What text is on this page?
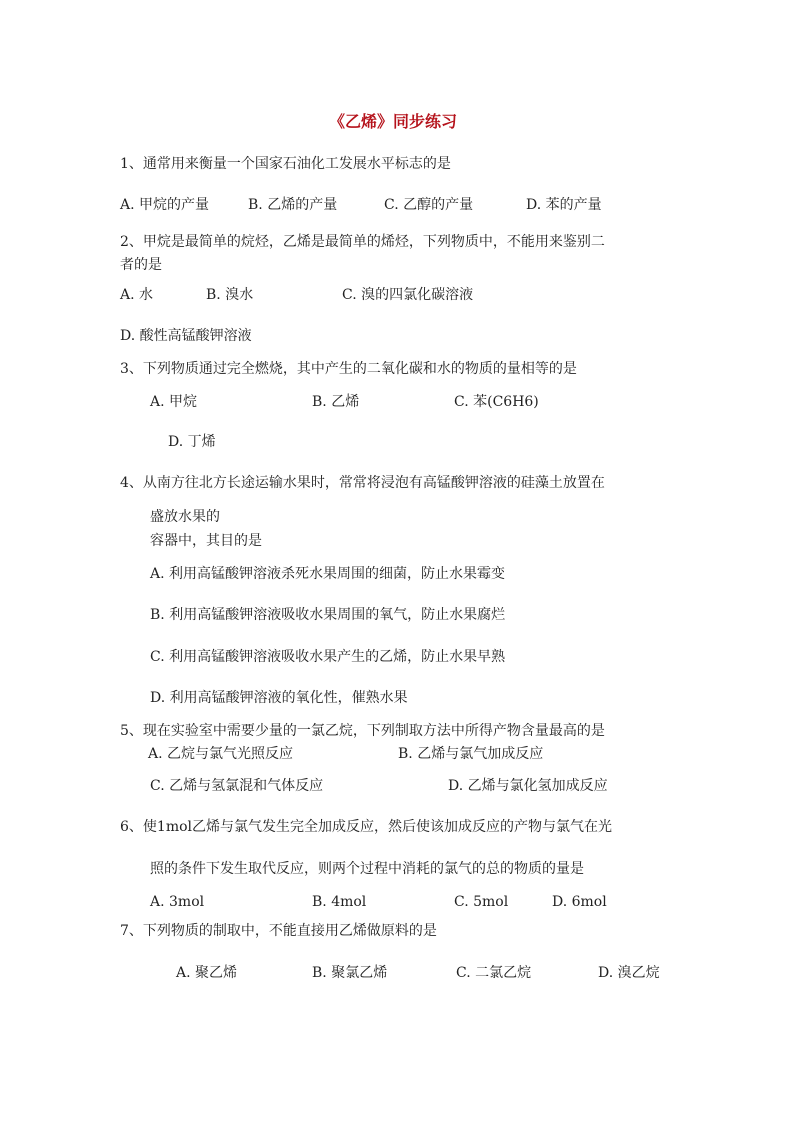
《乙烯》同步练习
1、通常用来衡量一个国家石油化工发展水平标志的是
A. 甲烷的产量	B. 乙烯的产量	C. 乙醇的产量	D. 苯的产量
2、甲烷是最简单的烷烃，乙烯是最简单的烯烃，下列物质中，不能用来鉴别二
者的是
A. 水	B. 溴水	C. 溴的四氯化碳溶液
D. 酸性高锰酸钾溶液
3、下列物质通过完全燃烧，其中产生的二氧化碳和水的物质的量相等的是
A. 甲烷	B. 乙烯	C. 苯(C6H6)
D. 丁烯
4、从南方往北方长途运输水果时，常常将浸泡有高锰酸钾溶液的硅藻土放置在
盛放水果的
容器中，其目的是
A. 利用高锰酸钾溶液杀死水果周围的细菌，防止水果霉变
B. 利用高锰酸钾溶液吸收水果周围的氧气，防止水果腐烂
C. 利用高锰酸钾溶液吸收水果产生的乙烯，防止水果早熟
D. 利用高锰酸钾溶液的氧化性，催熟水果
5、现在实验室中需要少量的一氯乙烷，下列制取方法中所得产物含量最高的是
A. 乙烷与氯气光照反应	B. 乙烯与氯气加成反应
C. 乙烯与氢氯混和气体反应	D. 乙烯与氯化氢加成反应
6、使1mol乙烯与氯气发生完全加成反应，然后使该加成反应的产物与氯气在光
照的条件下发生取代反应，则两个过程中消耗的氯气的总的物质的量是
A. 3mol	B. 4mol	C. 5mol	D. 6mol
7、下列物质的制取中，不能直接用乙烯做原料的是
A. 聚乙烯	B. 聚氯乙烯	C. 二氯乙烷	D. 溴乙烷
